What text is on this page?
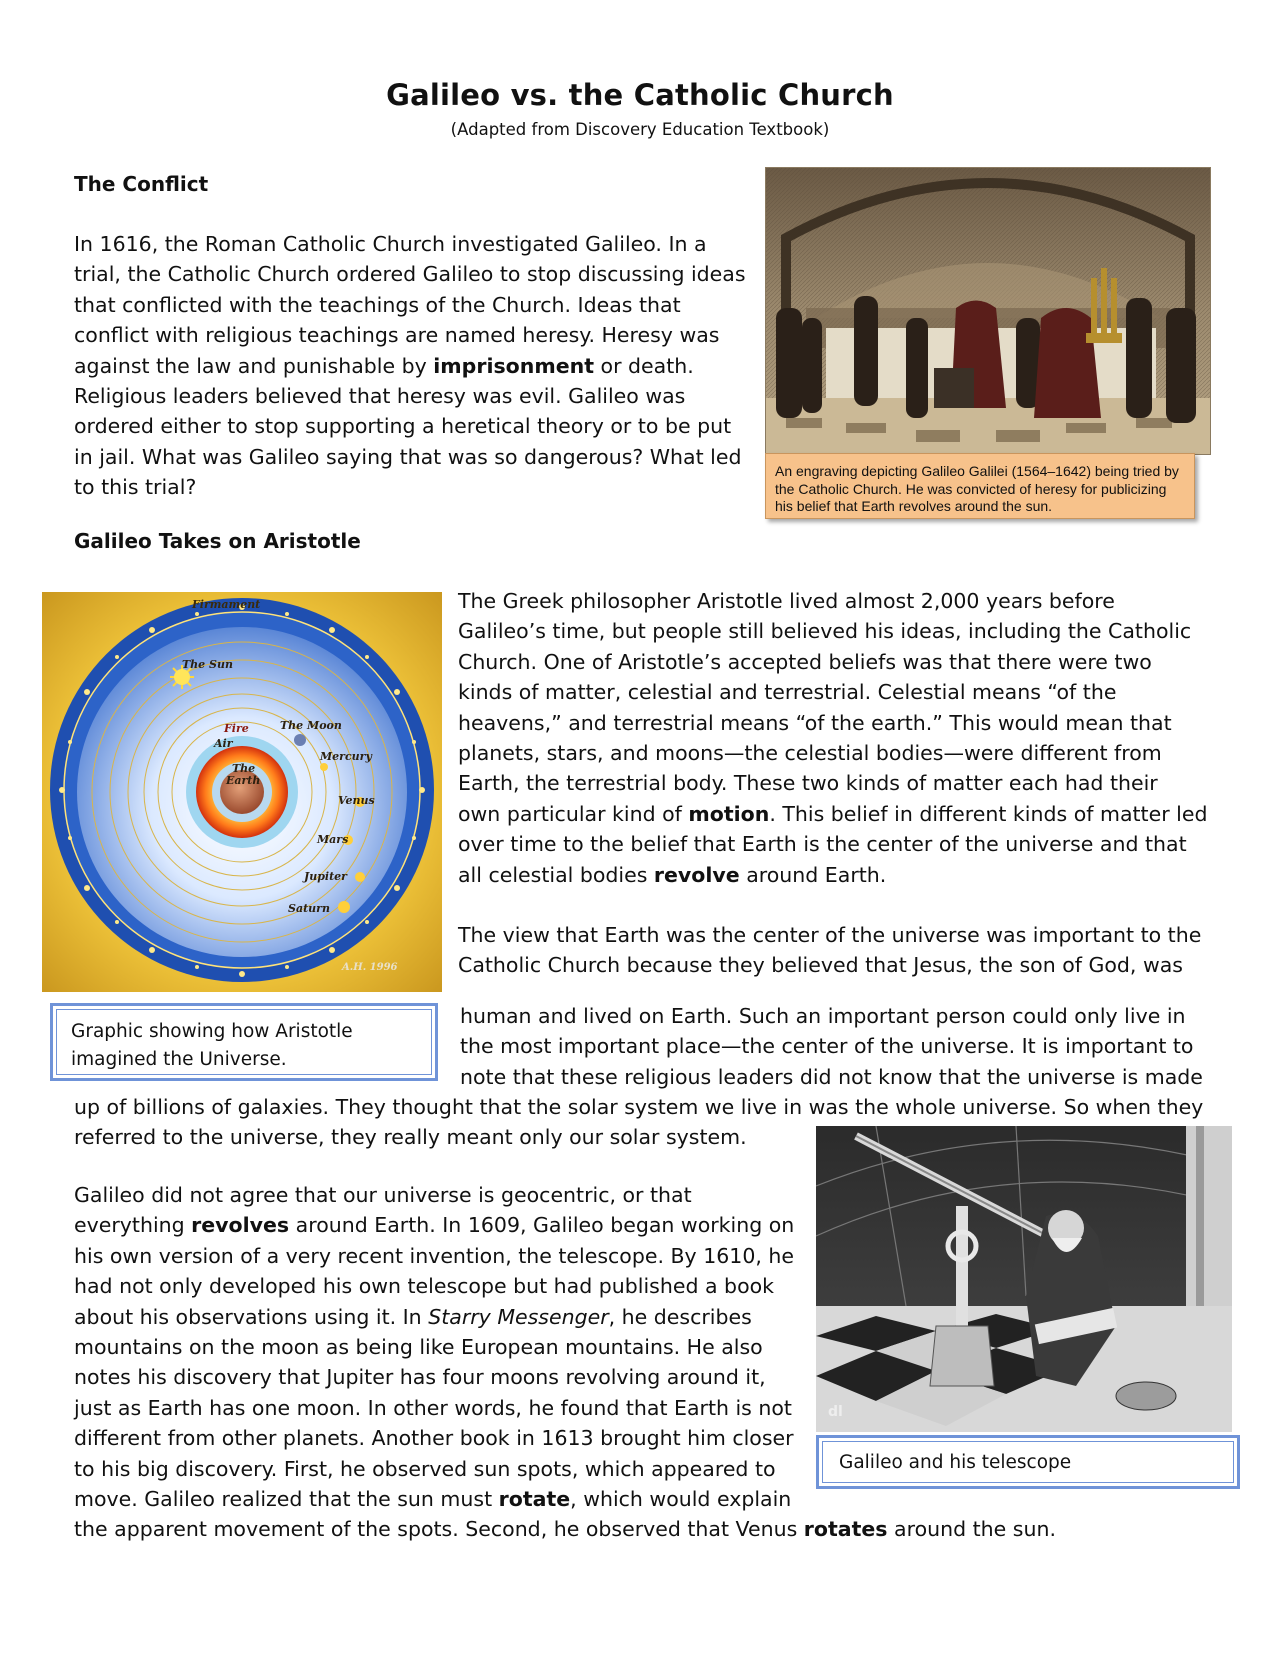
Galileo vs. the Catholic Church
(Adapted from Discovery Education Textbook)
The Conflict

In 1616, the Roman Catholic Church investigated Galileo. In a
trial, the Catholic Church ordered Galileo to stop discussing ideas
that conflicted with the teachings of the Church. Ideas that
conflict with religious teachings are named heresy. Heresy was
against the law and punishable by imprisonment or death.
Religious leaders believed that heresy was evil. Galileo was
ordered either to stop supporting a heretical theory or to be put
in jail. What was Galileo saying that was so dangerous? What led
to this trial?

An engraving depicting Galileo Galilei (1564–1642) being tried by the Catholic Church. He was convicted of heresy for publicizing his belief that Earth revolves around the sun.
Galileo Takes on Aristotle
Firmament
The Sun
Fire
Air
The
Earth
The Moon
Mercury
Venus
Mars
Jupiter
Saturn
A.H. 1996
Graphic showing how Aristotle
imagined the Universe.

The Greek philosopher Aristotle lived almost 2,000 years before
Galileo’s time, but people still believed his ideas, including the Catholic
Church. One of Aristotle’s accepted beliefs was that there were two
kinds of matter, celestial and terrestrial. Celestial means “of the
heavens,” and terrestrial means “of the earth.” This would mean that
planets, stars, and moons—the celestial bodies—were different from
Earth, the terrestrial body. These two kinds of matter each had their
own particular kind of motion. This belief in different kinds of matter led
over time to the belief that Earth is the center of the universe and that
all celestial bodies revolve around Earth.

The view that Earth was the center of the universe was important to the
Catholic Church because they believed that Jesus, the son of God, was

human and lived on Earth. Such an important person could only live in
the most important place—the center of the universe. It is important to
note that these religious leaders did not know that the universe is made

up of billions of galaxies. They thought that the solar system we live in was the whole universe. So when they
referred to the universe, they really meant only our solar system.

dl
Galileo and his telescope

Galileo did not agree that our universe is geocentric, or that
everything revolves around Earth. In 1609, Galileo began working on
his own version of a very recent invention, the telescope. By 1610, he
had not only developed his own telescope but had published a book
about his observations using it. In Starry Messenger, he describes
mountains on the moon as being like European mountains. He also
notes his discovery that Jupiter has four moons revolving around it,
just as Earth has one moon. In other words, he found that Earth is not
different from other planets. Another book in 1613 brought him closer
to his big discovery. First, he observed sun spots, which appeared to
move. Galileo realized that the sun must rotate, which would explain
the apparent movement of the spots. Second, he observed that Venus rotates around the sun.
